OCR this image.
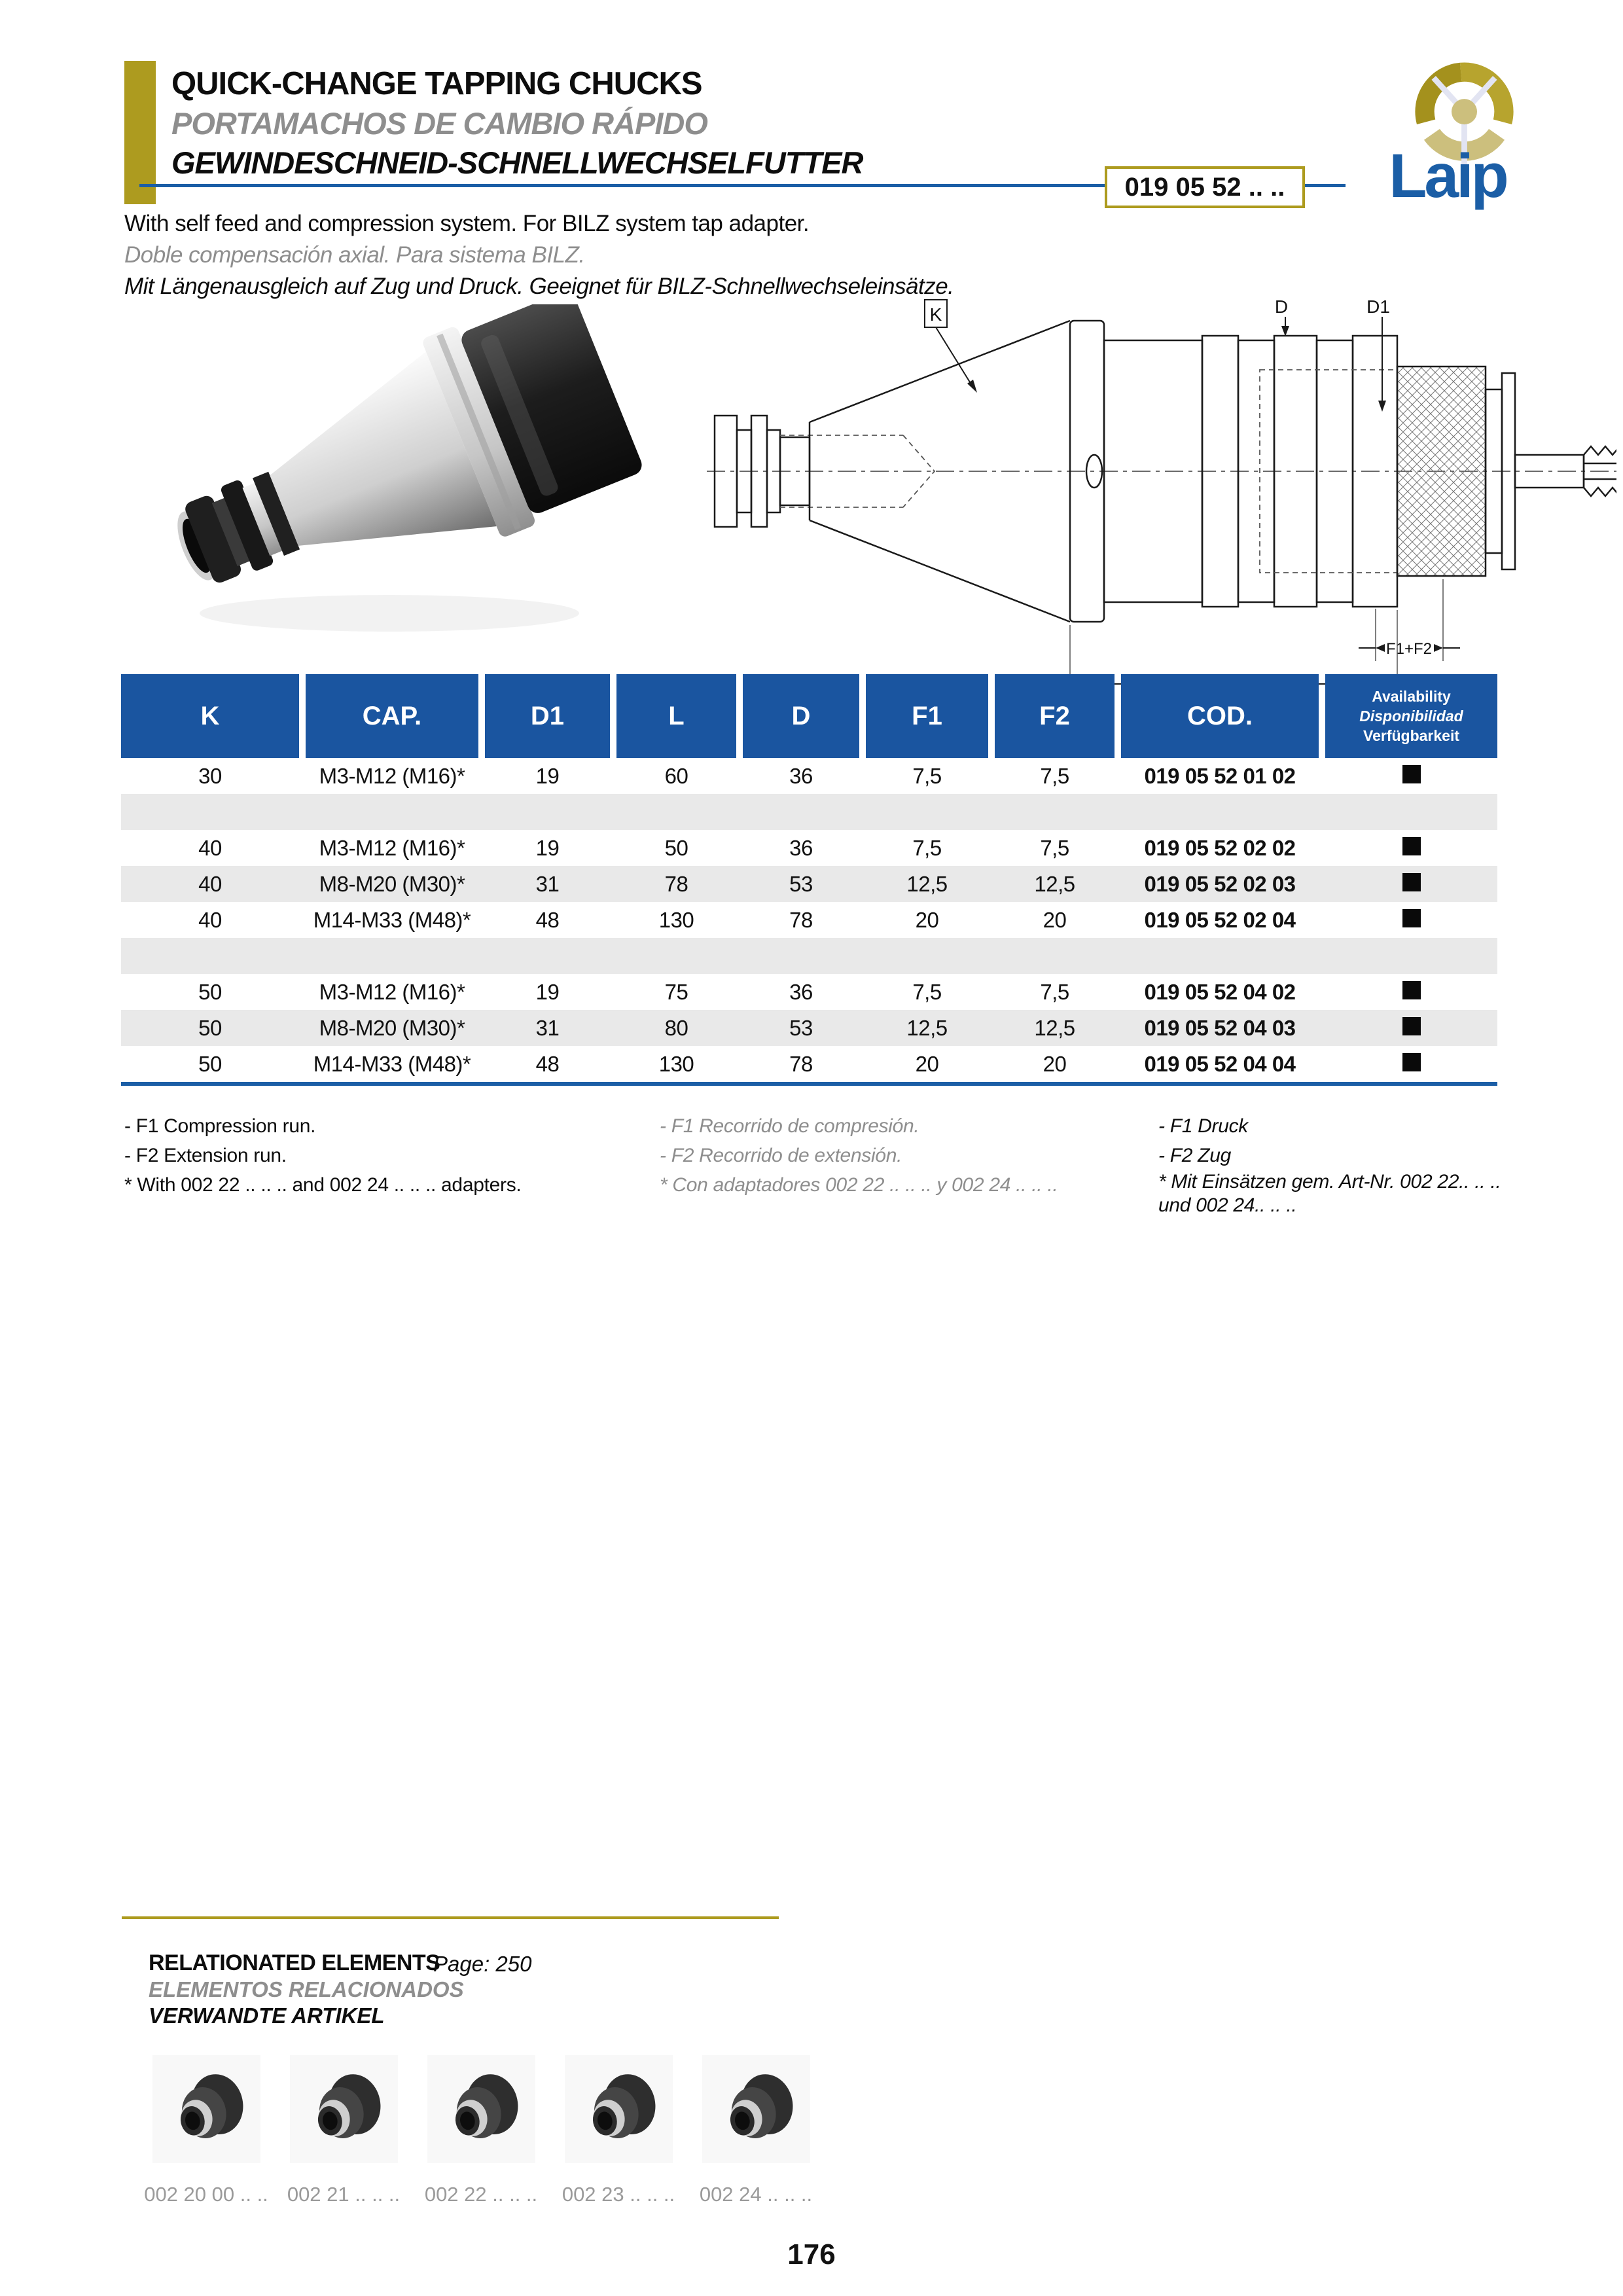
QUICK-CHANGE TAPPING CHUCKS
PORTAMACHOS DE CAMBIO RÁPIDO
GEWINDESCHNEID-SCHNELLWECHSELFUTTER
019 05 52 .. ..	Laip
With self feed and compression system. For BILZ system tap adapter.
Doble compensación axial. Para sistema BILZ.
Mit Längenausgleich auf Zug und Druck. Geeignet für BILZ-Schnellwechseleinsätze.
K	D	D1
F1+F2
K	CAP.	D1	L	D	F1	F2	COD.
Availability
Disponibilidad
Verfügbarkeit
30	M3-M12 (M16)*	19	60	36	7,5	7,5	019 05 52 01 02
40	M3-M12 (M16)*	19	50	36	7,5	7,5	019 05 52 02 02
40	M8-M20 (M30)*	31	78	53	12,5	12,5	019 05 52 02 03
40	M14-M33 (M48)*	48	130	78	20	20	019 05 52 02 04
50	M3-M12 (M16)*	19	75	36	7,5	7,5	019 05 52 04 02
50	M8-M20 (M30)*	31	80	53	12,5	12,5	019 05 52 04 03
50	M14-M33 (M48)*	48	130	78	20	20	019 05 52 04 04
- F1 Compression run.
- F2 Extension run.
* With 002 22 .. .. .. and 002 24 .. .. .. adapters.
- F1 Recorrido de compresión.
- F2 Recorrido de extensión.
* Con adaptadores 002 22 .. .. .. y 002 24 .. .. ..
- F1 Druck
- F2 Zug
* Mit Einsätzen gem. Art-Nr. 002 22.. .. ..
und 002 24.. .. ..
RELATIONATED ELEMENTS
Page: 250
ELEMENTOS RELACIONADOS
VERWANDTE ARTIKEL
002 20 00 .. .. 002 21 .. .. .. 002 22 .. .. .. 002 23 .. .. .. 002 24 .. .. ..
176
